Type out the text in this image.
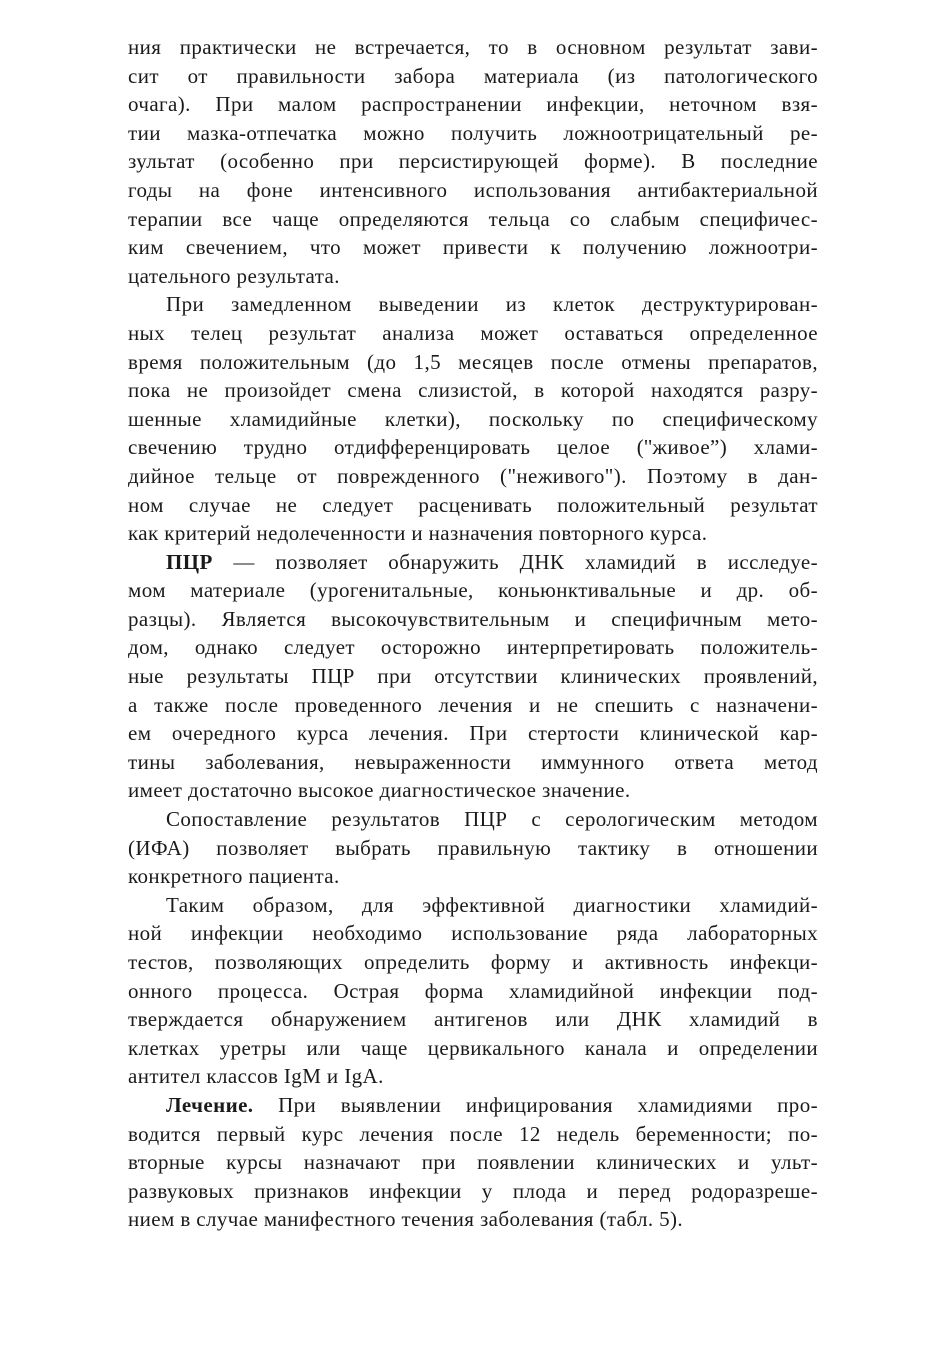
ния практически не встречается, то в основном результат зави-
сит от правильности забора материала (из патологического
очага). При малом распространении инфекции, неточном взя-
тии мазка-отпечатка можно получить ложноотрицательный ре-
зультат (особенно при персистирующей форме). В последние
годы на фоне интенсивного использования антибактериальной
терапии все чаще определяются тельца со слабым специфичес-
ким свечением, что может привести к получению ложноотри-
цательного результата.
При замедленном выведении из клеток деструктурирован-
ных телец результат анализа может оставаться определенное
время положительным (до 1,5 месяцев после отмены препаратов,
пока не произойдет смена слизистой, в которой находятся разру-
шенные хламидийные клетки), поскольку по специфическому
свечению трудно отдифференцировать целое (''живое”) хлами-
дийное тельце от поврежденного ("неживого"). Поэтому в дан-
ном случае не следует расценивать положительный результат
как критерий недолеченности и назначения повторного курса.
ПЦР — позволяет обнаружить ДНК хламидий в исследуе-
мом материале (урогенитальные, коньюнктивальные и др. об-
разцы). Является высокочувствительным и специфичным мето-
дом, однако следует осторожно интерпретировать положитель-
ные результаты ПЦР при отсутствии клинических проявлений,
а также после проведенного лечения и не спешить с назначени-
ем очередного курса лечения. При стертости клинической кар-
тины заболевания, невыраженности иммунного ответа метод
имеет достаточно высокое диагностическое значение.
Сопоставление результатов ПЦР с серологическим методом
(ИФА) позволяет выбрать правильную тактику в отношении
конкретного пациента.
Таким образом, для эффективной диагностики хламидий-
ной инфекции необходимо использование ряда лабораторных
тестов, позволяющих определить форму и активность инфекци-
онного процесса. Острая форма хламидийной инфекции под-
тверждается обнаружением антигенов или ДНК хламидий в
клетках уретры или чаще цервикального канала и определении
антител классов IgM и IgA.
Лечение. При выявлении инфицирования хламидиями про-
водится первый курс лечения после 12 недель беременности; по-
вторные курсы назначают при появлении клинических и ульт-
развуковых признаков инфекции у плода и перед родоразреше-
нием в случае манифестного течения заболевания (табл. 5).
